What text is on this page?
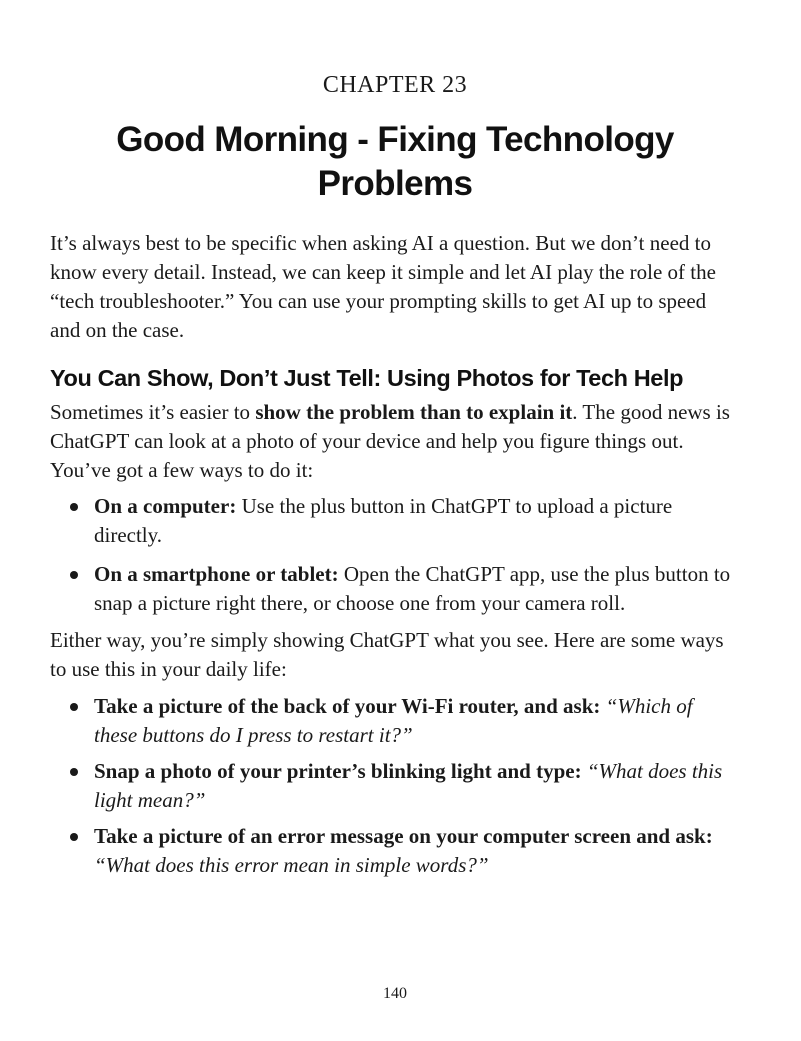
CHAPTER 23
Good Morning - Fixing Technology Problems

It’s always best to be specific when asking AI a question. But we don’t need to know every detail. Instead, we can keep it simple and let AI play the role of the “tech troubleshooter.” You can use your prompting skills to get AI up to speed and on the case.

You Can Show, Don’t Just Tell: Using Photos for Tech Help

Sometimes it’s easier to show the problem than to explain it. The good news is ChatGPT can look at a photo of your device and help you figure things out. You’ve got a few ways to do it:

On a computer: Use the plus button in ChatGPT to upload a picture directly.
On a smartphone or tablet: Open the ChatGPT app, use the plus button to snap a picture right there, or choose one from your camera roll.

Either way, you’re simply showing ChatGPT what you see. Here are some ways to use this in your daily life:

Take a picture of the back of your Wi-Fi router, and ask: “Which of these buttons do I press to restart it?”
Snap a photo of your printer’s blinking light and type: “What does this light mean?”
Take a picture of an error message on your computer screen and ask: “What does this error mean in simple words?”
140
